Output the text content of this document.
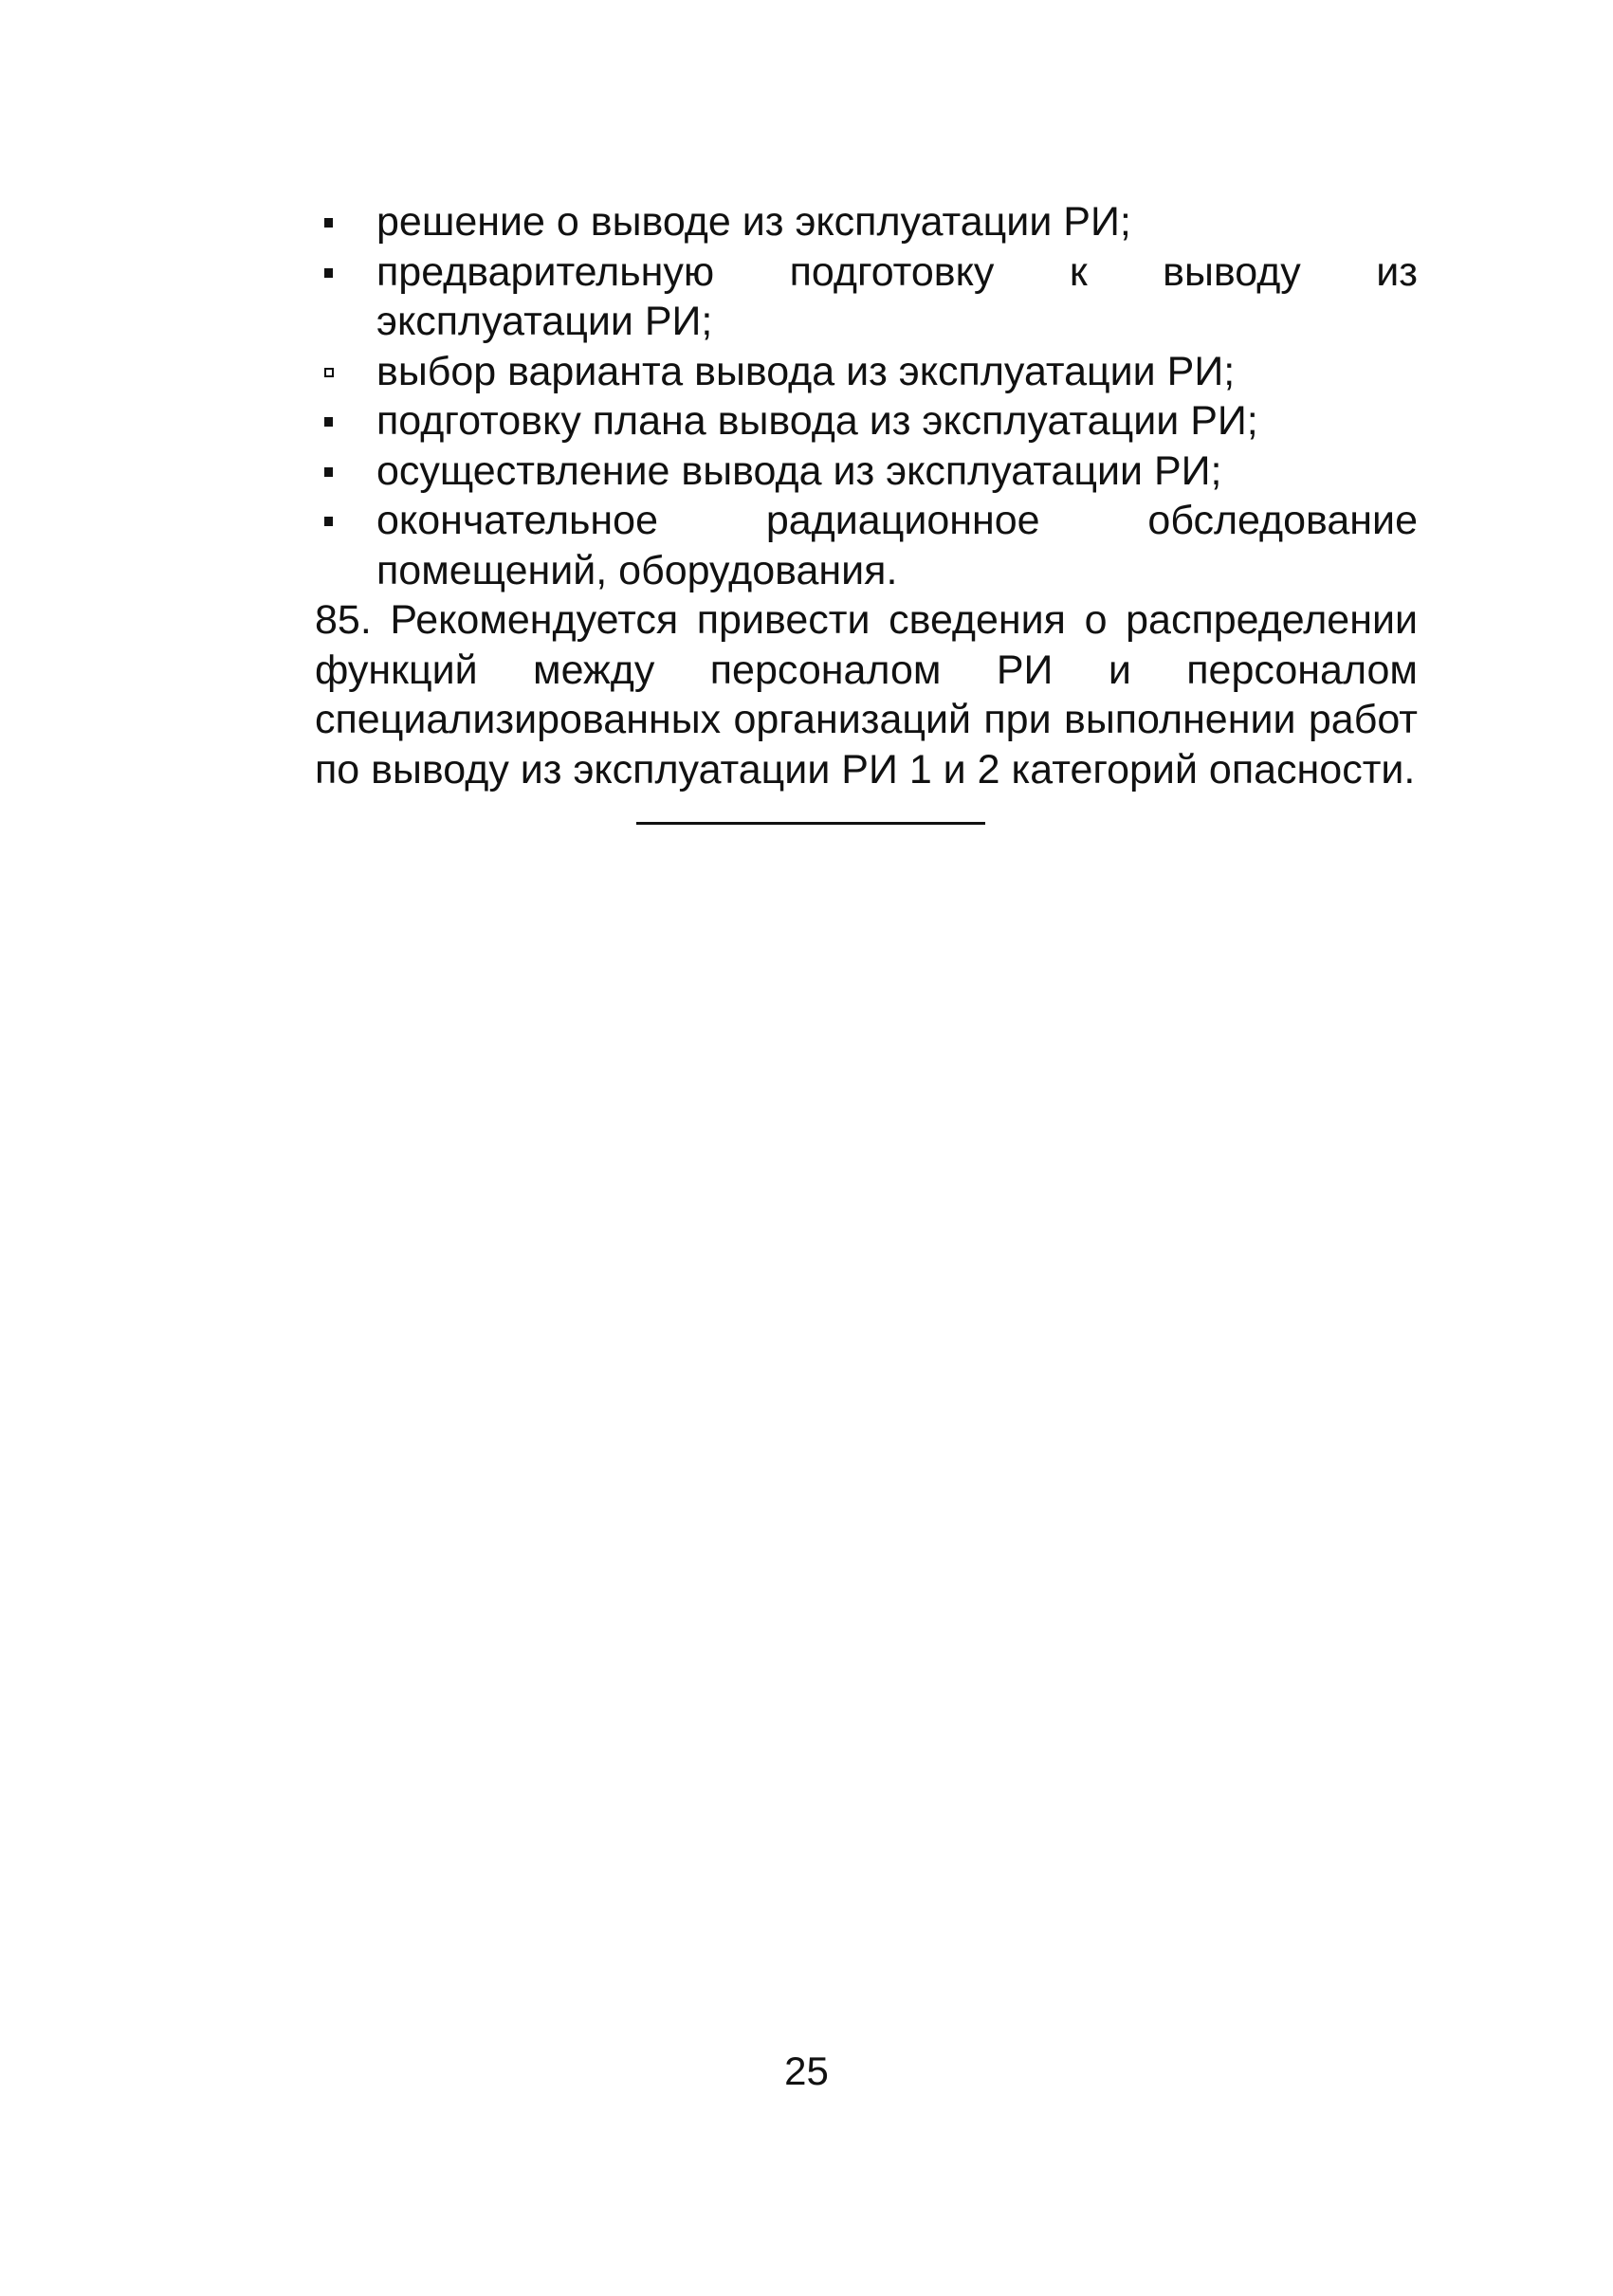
решение о выводе из эксплуатации РИ;
предварительную подготовку к выводу из эксплуатации РИ;
выбор варианта вывода из эксплуатации РИ;
подготовку плана вывода из эксплуатации РИ;
осуществление вывода из эксплуатации РИ;
окончательное радиационное обследование помещений, оборудования.

85. Рекомендуется привести сведения о распределении функций между персоналом РИ и персоналом специализированных организаций при выполнении работ по выводу из эксплуатации РИ 1 и 2 категорий опасности.

25
